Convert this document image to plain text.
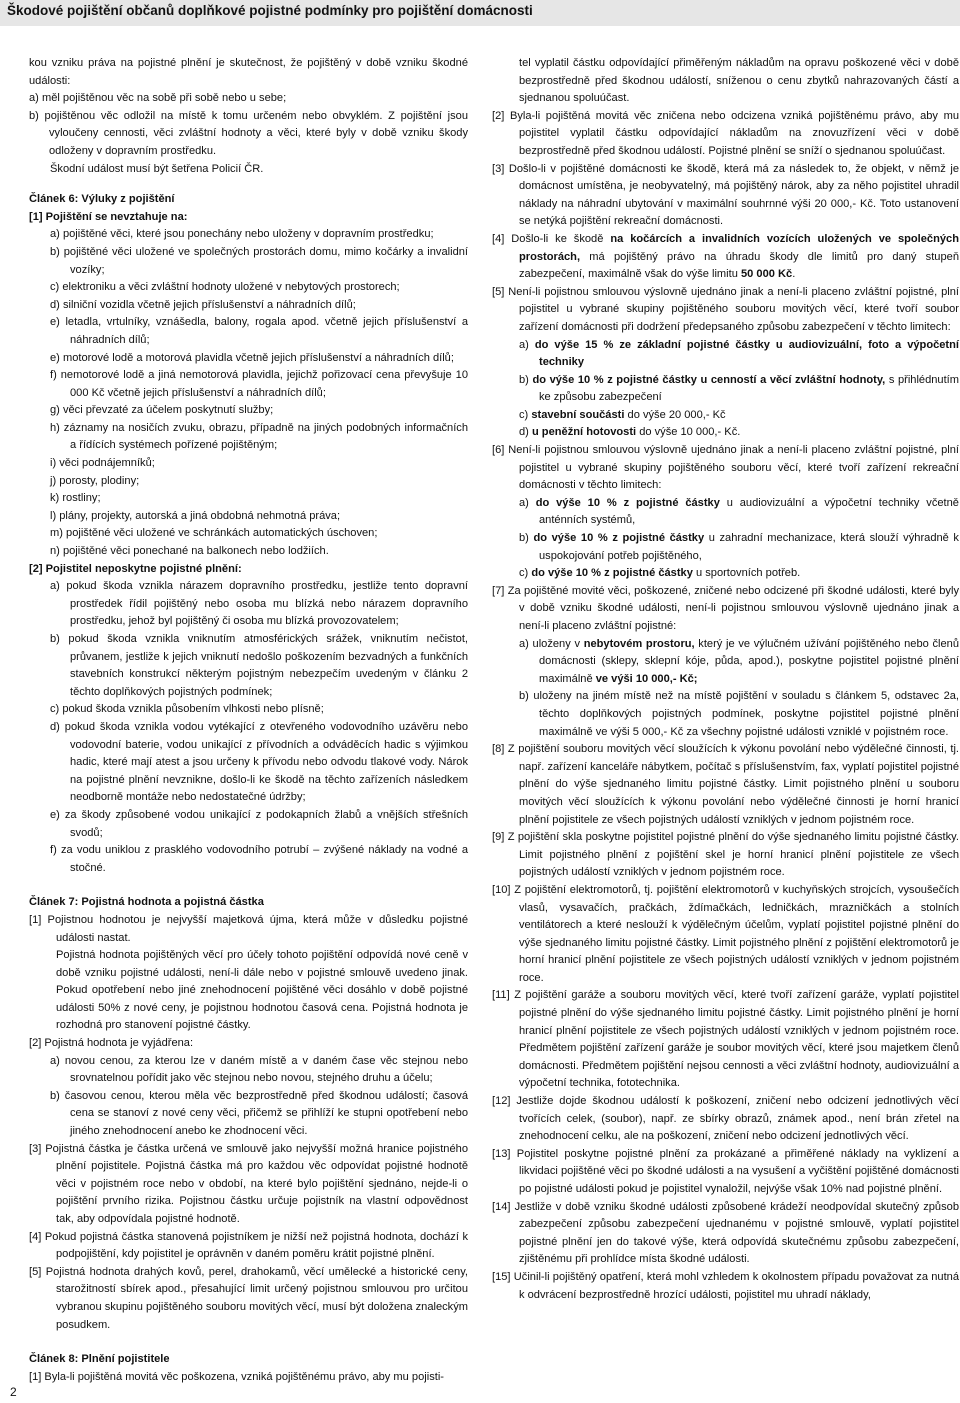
Škodové pojištění občanů doplňkové pojistné podmínky pro pojištění domácnosti

kou vzniku práva na pojistné plnění je skutečnost, že pojištěný v době vzniku škodné události:

a) měl pojištěnou věc na sobě při sobě nebo u sebe;

b) pojištěnou věc odložil na místě k tomu určeném nebo obvyklém. Z pojištění jsou vyloučeny cennosti, věci zvláštní hodnoty a věci, které byly v době vzniku škody odloženy v dopravním prostředku.

Škodní událost musí být šetřena Policií ČR.

Článek 6: Výluky z pojištění

[1] Pojištění se nevztahuje na:

a) pojištěné věci, které jsou ponechány nebo uloženy v dopravním prostředku;

b) pojištěné věci uložené ve společných prostorách domu, mimo kočárky a invalidní vozíky;

c) elektroniku a věci zvláštní hodnoty uložené v nebytových prostorech;

d) silniční vozidla včetně jejich příslušenství a náhradních dílů;

e) letadla, vrtulníky, vznášedla, balony, rogala apod. včetně jejich příslušenství a náhradních dílů;

e) motorové lodě a motorová plavidla včetně jejich příslušenství a náhradních dílů;

f) nemotorové lodě a jiná nemotorová plavidla, jejichž pořizovací cena převyšuje 10 000 Kč včetně jejich příslušenství a náhradních dílů;

g) věci převzaté za účelem poskytnutí služby;

h) záznamy na nosičích zvuku, obrazu, případně na jiných podobných informačních a řídících systémech pořízené pojištěným;

i) věci podnájemníků;

j) porosty, plodiny;

k) rostliny;

l) plány, projekty, autorská a jiná obdobná nehmotná práva;

m) pojištěné věci uložené ve schránkách automatických úschoven;

n) pojištěné věci ponechané na balkonech nebo lodžiích.

[2] Pojistitel neposkytne pojistné plnění:

a) pokud škoda vznikla nárazem dopravního prostředku, jestliže tento dopravní prostředek řídil pojištěný nebo osoba mu blízká nebo nárazem dopravního prostředku, jehož byl pojištěný či osoba mu blízká provozovatelem;

b) pokud škoda vznikla vniknutím atmosférických srážek, vniknutím nečistot, průvanem, jestliže k jejich vniknutí nedošlo poškozením bezvadných a funkčních stavebních konstrukcí některým pojistným nebezpečím uvedeným v článku 2 těchto doplňkových pojistných podmínek;

c) pokud škoda vznikla působením vlhkosti nebo plísně;

d) pokud škoda vznikla vodou vytékající z otevřeného vodovodního uzávěru nebo vodovodní baterie, vodou unikající z přívodních a odváděcích hadic s výjimkou hadic, které mají atest a jsou určeny k přívodu nebo odvodu tlakové vody. Nárok na pojistné plnění nevznikne, došlo-li ke škodě na těchto zařízeních následkem neodborně montáže nebo nedostatečné údržby;

e) za škody způsobené vodou unikající z podokapních žlabů a vnějších střešních svodů;

f) za vodu uniklou z prasklého vodovodního potrubí – zvýšené náklady na vodné a stočné.

Článek 7: Pojistná hodnota a pojistná částka

[1] Pojistnou hodnotou je nejvyšší majetková újma, která může v důsledku pojistné události nastat.

Pojistná hodnota pojištěných věcí pro účely tohoto pojištění odpovídá nové ceně v době vzniku pojistné události, není-li dále nebo v pojistné smlouvě uvedeno jinak. Pokud opotřebení nebo jiné znehodnocení pojištěné věci dosáhlo v době pojistné události 50% z nové ceny, je pojistnou hodnotou časová cena. Pojistná hodnota je rozhodná pro stanovení pojistné částky.

[2] Pojistná hodnota je vyjádřena:

a) novou cenou, za kterou lze v daném místě a v daném čase věc stejnou nebo srovnatelnou pořídit jako věc stejnou nebo novou, stejného druhu a účelu;

b) časovou cenou, kterou měla věc bezprostředně před škodnou událostí; časová cena se stanoví z nové ceny věci, přičemž se přihlíží ke stupni opotřebení nebo jiného znehodnocení anebo ke zhodnocení věci.

[3] Pojistná částka je částka určená ve smlouvě jako nejvyšší možná hranice pojistného plnění pojistitele. Pojistná částka má pro každou věc odpovídat pojistné hodnotě věci v pojistném roce nebo v období, na které bylo pojištění sjednáno, nejde-li o pojištění prvního rizika. Pojistnou částku určuje pojistník na vlastní odpovědnost tak, aby odpovídala pojistné hodnotě.

[4] Pokud pojistná částka stanovená pojistníkem je nižší než pojistná hodnota, dochází k podpojištění, kdy pojistitel je oprávněn v daném poměru krátit pojistné plnění.

[5] Pojistná hodnota drahých kovů, perel, drahokamů, věcí umělecké a historické ceny, starožitností sbírek apod., přesahující limit určený pojistnou smlouvou pro určitou vybranou skupinu pojištěného souboru movitých věcí, musí být doložena znaleckým posudkem.

Článek 8: Plnění pojistitele

[1] Byla-li pojištěná movitá věc poškozena, vzniká pojištěnému právo, aby mu pojisti-

tel vyplatil částku odpovídající přiměřeným nákladům na opravu poškozené věci v době bezprostředně před škodnou událostí, sníženou o cenu zbytků nahrazovaných částí a sjednanou spoluúčast.

[2] Byla-li pojištěná movitá věc zničena nebo odcizena vzniká pojištěnému právo, aby mu pojistitel vyplatil částku odpovídající nákladům na znovuzřízení věci v době bezprostředně před škodnou událostí. Pojistné plnění se sníží o sjednanou spoluúčast.

[3] Došlo-li v pojištěné domácnosti ke škodě, která má za následek to, že objekt, v němž je domácnost umístěna, je neobyvatelný, má pojištěný nárok, aby za něho pojistitel uhradil náklady na náhradní ubytování v maximální souhrnné výši 20 000,- Kč. Toto ustanovení se netýká pojištění rekreační domácnosti.

[4] Došlo-li ke škodě na kočárcích a invalidních vozících uložených ve společných prostorách, má pojištěný právo na úhradu škody dle limitů pro daný stupeň zabezpečení, maximálně však do výše limitu 50 000 Kč.

[5] Není-li pojistnou smlouvou výslovně ujednáno jinak a není-li placeno zvláštní pojistné, plní pojistitel u vybrané skupiny pojištěného souboru movitých věcí, které tvoří soubor zařízení domácnosti při dodržení předepsaného způsobu zabezpečení v těchto limitech:

a) do výše 15 % ze základní pojistné částky u audiovizuální, foto a výpočetní techniky

b) do výše 10 % z pojistné částky u cenností a věcí zvláštní hodnoty, s přihlédnutím ke způsobu zabezpečení

c) stavební součásti do výše 20 000,- Kč

d) u peněžní hotovosti do výše 10 000,- Kč.

[6] Není-li pojistnou smlouvou výslovně ujednáno jinak a není-li placeno zvláštní pojistné, plní pojistitel u vybrané skupiny pojištěného souboru věcí, které tvoří zařízení rekreační domácnosti v těchto limitech:

a) do výše 10 % z pojistné částky u audiovizuální a výpočetní techniky včetně anténních systémů,

b) do výše 10 % z pojistné částky u zahradní mechanizace, která slouží výhradně k uspokojování potřeb pojištěného,

c) do výše 10 % z pojistné částky u sportovních potřeb.

[7] Za pojištěné movité věci, poškozené, zničené nebo odcizené při škodné události, které byly v době vzniku škodné události, není-li pojistnou smlouvou výslovně ujednáno jinak a není-li placeno zvláštní pojistné:

a) uloženy v nebytovém prostoru, který je ve výlučném užívání pojištěného nebo členů domácnosti (sklepy, sklepní kóje, půda, apod.), poskytne pojistitel pojistné plnění maximálně ve výši 10 000,- Kč;

b) uloženy na jiném místě než na místě pojištění v souladu s článkem 5, odstavec 2a, těchto doplňkových pojistných podmínek, poskytne pojistitel pojistné plnění maximálně ve výši 5 000,- Kč za všechny pojistné události vzniklé v pojistném roce.

[8] Z pojištění souboru movitých věcí sloužících k výkonu povolání nebo výdělečné činnosti, tj. např. zařízení kanceláře nábytkem, počítač s příslušenstvím, fax, vyplatí pojistitel pojistné plnění do výše sjednaného limitu pojistné částky. Limit pojistného plnění u souboru movitých věcí sloužících k výkonu povolání nebo výdělečné činnosti je horní hranicí plnění pojistitele ze všech pojistných událostí vzniklých v jednom pojistném roce.

[9] Z pojištění skla poskytne pojistitel pojistné plnění do výše sjednaného limitu pojistné částky. Limit pojistného plnění z pojištění skel je horní hranicí plnění pojistitele ze všech pojistných událostí vzniklých v jednom pojistném roce.

[10] Z pojištění elektromotorů, tj. pojištění elektromotorů v kuchyňských strojcích, vysoušečích vlasů, vysavačích, pračkách, ždímačkách, ledničkách, mrazničkách a stolních ventilátorech a které neslouží k výdělečným účelům, vyplatí pojistitel pojistné plnění do výše sjednaného limitu pojistné částky. Limit pojistného plnění z pojištění elektromotorů je horní hranicí plnění pojistitele ze všech pojistných událostí vzniklých v jednom pojistném roce.

[11] Z pojištění garáže a souboru movitých věcí, které tvoří zařízení garáže, vyplatí pojistitel pojistné plnění do výše sjednaného limitu pojistné částky. Limit pojistného plnění je horní hranicí plnění pojistitele ze všech pojistných událostí vzniklých v jednom pojistném roce. Předmětem pojištění zařízení garáže je soubor movitých věcí, které jsou majetkem členů domácnosti. Předmětem pojištění nejsou cennosti a věci zvláštní hodnoty, audiovizuální a výpočetní technika, fototechnika.

[12] Jestliže dojde škodnou událostí k poškození, zničení nebo odcizení jednotlivých věcí tvořících celek, (soubor), např. ze sbírky obrazů, známek apod., není brán zřetel na znehodnocení celku, ale na poškození, zničení nebo odcizení jednotlivých věcí.

[13] Pojistitel poskytne pojistné plnění za prokázané a přiměřené náklady na vyklizení a likvidaci pojištěné věci po škodné události a na vysušení a vyčištění pojištěné domácnosti po pojistné události pokud je pojistitel vynaložil, nejvýše však 10% nad pojistné plnění.

[14] Jestliže v době vzniku škodné události způsobené krádeží neodpovídal skutečný způsob zabezpečení způsobu zabezpečení ujednanému v pojistné smlouvě, vyplatí pojistitel pojistné plnění jen do takové výše, která odpovídá skutečnému způsobu zabezpečení, zjištěnému při prohlídce místa škodné události.

[15] Učinil-li pojištěný opatření, která mohl vzhledem k okolnostem případu považovat za nutná k odvrácení bezprostředně hrozící události, pojistitel mu uhradí náklady,

2
